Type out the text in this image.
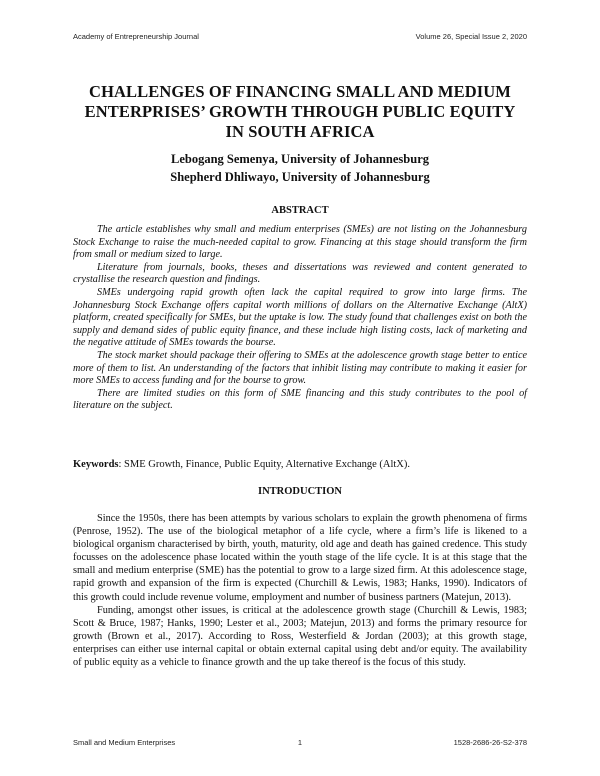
Academy of Entrepreneurship Journal	Volume 26, Special Issue 2, 2020
CHALLENGES OF FINANCING SMALL AND MEDIUM
ENTERPRISES’ GROWTH THROUGH PUBLIC EQUITY
IN SOUTH AFRICA
Lebogang Semenya, University of Johannesburg
Shepherd Dhliwayo, University of Johannesburg
ABSTRACT

The article establishes why small and medium enterprises (SMEs) are not listing on the Johannesburg Stock Exchange to raise the much-needed capital to grow. Financing at this stage should transform the firm from small or medium sized to large.

Literature from journals, books, theses and dissertations was reviewed and content generated to crystallise the research question and findings.

SMEs undergoing rapid growth often lack the capital required to grow into large firms. The Johannesburg Stock Exchange offers capital worth millions of dollars on the Alternative Exchange (AltX) platform, created specifically for SMEs, but the uptake is low. The study found that challenges exist on both the supply and demand sides of public equity finance, and these include high listing costs, lack of marketing and the negative attitude of SMEs towards the bourse.

The stock market should package their offering to SMEs at the adolescence growth stage better to entice more of them to list. An understanding of the factors that inhibit listing may contribute to making it easier for more SMEs to access funding and for the bourse to grow.

There are limited studies on this form of SME financing and this study contributes to the pool of literature on the subject.

Keywords: SME Growth, Finance, Public Equity, Alternative Exchange (AltX).
INTRODUCTION

Since the 1950s, there has been attempts by various scholars to explain the growth phenomena of firms (Penrose, 1952). The use of the biological metaphor of a life cycle, where a firm’s life is likened to a biological organism characterised by birth, youth, maturity, old age and death has gained credence. This study focusses on the adolescence phase located within the youth stage of the life cycle. It is at this stage that the small and medium enterprise (SME) has the potential to grow to a large sized firm. At this adolescence stage, rapid growth and expansion of the firm is expected (Churchill & Lewis, 1983; Hanks, 1990). Indicators of this growth could include revenue volume, employment and number of business partners (Matejun, 2013).

Funding, amongst other issues, is critical at the adolescence growth stage (Churchill & Lewis, 1983; Scott & Bruce, 1987; Hanks, 1990; Lester et al., 2003; Matejun, 2013) and forms the primary resource for growth (Brown et al., 2017). According to Ross, Westerfield & Jordan (2003); at this growth stage, enterprises can either use internal capital or obtain external capital using debt and/or equity. The availability of public equity as a vehicle to finance growth and the up take thereof is the focus of this study.

1
Small and Medium Enterprises	1528-2686-26-S2-378
